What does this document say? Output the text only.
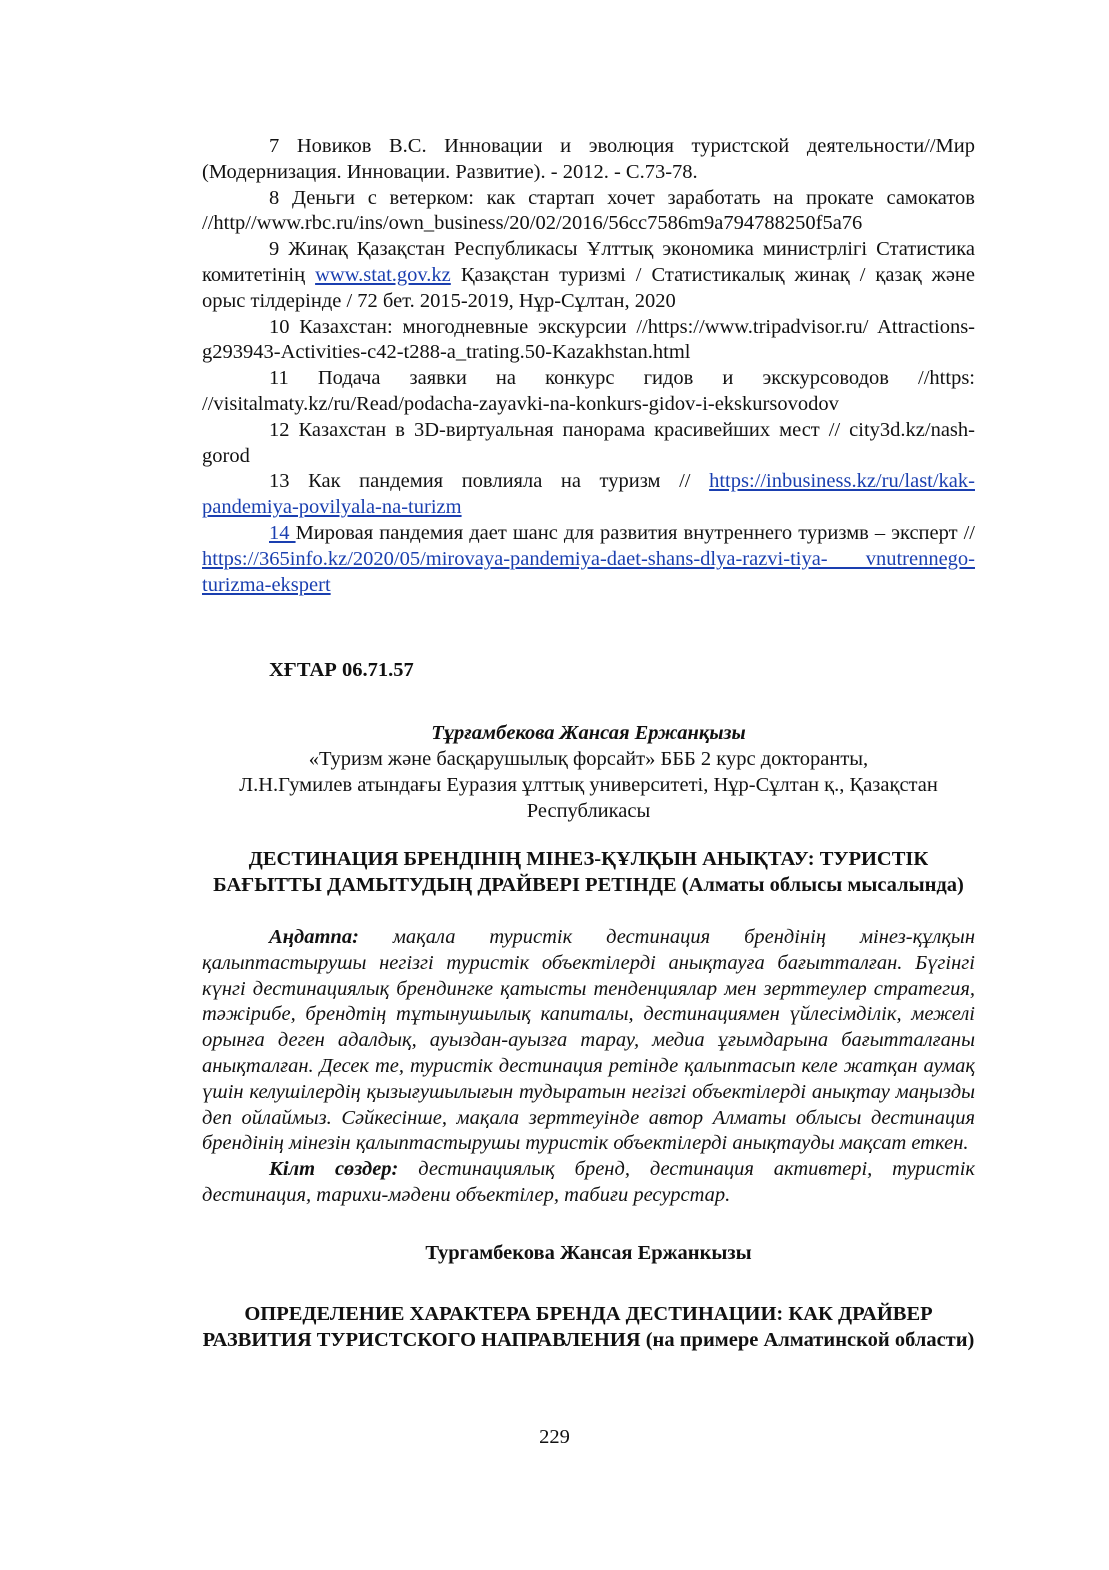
7 Новиков В.С. Инновации и эволюция туристской деятельности//Мир (Модернизация. Инновации. Развитие). - 2012. - С.73-78.
8 Деньги с ветерком: как стартап хочет заработать на прокате самокатов //http//www.rbc.ru/ins/own_business/20/02/2016/56cc7586m9a794788250f5a76
9 Жинақ Қазақстан Республикасы Ұлттық экономика министрлігі Статистика комитетінің www.stat.gov.kz Қазақстан туризмі / Статистикалық жинақ / қазақ және орыс тілдерінде / 72 бет. 2015-2019, Нұр-Сұлтан, 2020
10 Казахстан: многодневные экскурсии //https://www.tripadvisor.ru/ Attractions-g293943-Activities-c42-t288-a_trating.50-Kazakhstan.html
11 Подача заявки на конкурс гидов и экскурсоводов //https: //visitalmaty.kz/ru/Read/podacha-zayavki-na-konkurs-gidov-i-ekskursovodov
12 Казахстан в 3D-виртуальная панорама красивейших мест // city3d.kz/nash-gorod
13 Как пандемия повлияла на туризм // https://inbusiness.kz/ru/last/kak-pandemiya-povilyala-na-turizm
14 Мировая пандемия дает шанс для развития внутреннего туризмв – эксперт // https://365info.kz/2020/05/mirovaya-pandemiya-daet-shans-dlya-razvi-tiya- vnutrennego-turizma-ekspert
ХҒТАР 06.71.57
Тұрғамбекова Жансая Ержанқызы
«Туризм және басқарушылық форсайт» БББ 2 курс докторанты,
Л.Н.Гумилев атындағы Еуразия ұлттық университеті, Нұр-Сұлтан қ., Қазақстан Республикасы
ДЕСТИНАЦИЯ БРЕНДІНІҢ МІНЕЗ-ҚҰЛҚЫН АНЫҚТАУ: ТУРИСТІК БАҒЫТТЫ ДАМЫТУДЫҢ ДРАЙВЕРІ РЕТІНДЕ (Алматы облысы мысалында)
Аңдатпа: мақала туристік дестинация брендінің мінез-құлқын қалыптастырушы негізгі туристік объектілерді анықтауға бағытталған. Бүгінгі күнгі дестинациялық брендингке қатысты тенденциялар мен зерттеулер стратегия, тәжірибе, брендтің тұтынушылық капиталы, дестинациямен үйлесімділік, межелі орынға деген адалдық, ауыздан-ауызға тарау, медиа ұғымдарына бағытталғаны анықталған. Десек те, туристік дестинация ретінде қалыптасып келе жатқан аумақ үшін келушілердің қызығушылығын тудыратын негізгі объектілерді анықтау маңызды деп ойлаймыз. Сәйкесінше, мақала зерттеуінде автор Алматы облысы дестинация брендінің мінезін қалыптастырушы туристік объектілерді анықтауды мақсат еткен.
Кілт сөздер: дестинациялық бренд, дестинация активтері, туристік дестинация, тарихи-мәдени объектілер, табиғи ресурстар.
Тургамбекова Жансая Ержанкызы
ОПРЕДЕЛЕНИЕ ХАРАКТЕРА БРЕНДА ДЕСТИНАЦИИ: КАК ДРАЙВЕР РАЗВИТИЯ ТУРИСТСКОГО НАПРАВЛЕНИЯ (на примере Алматинской области)
229
